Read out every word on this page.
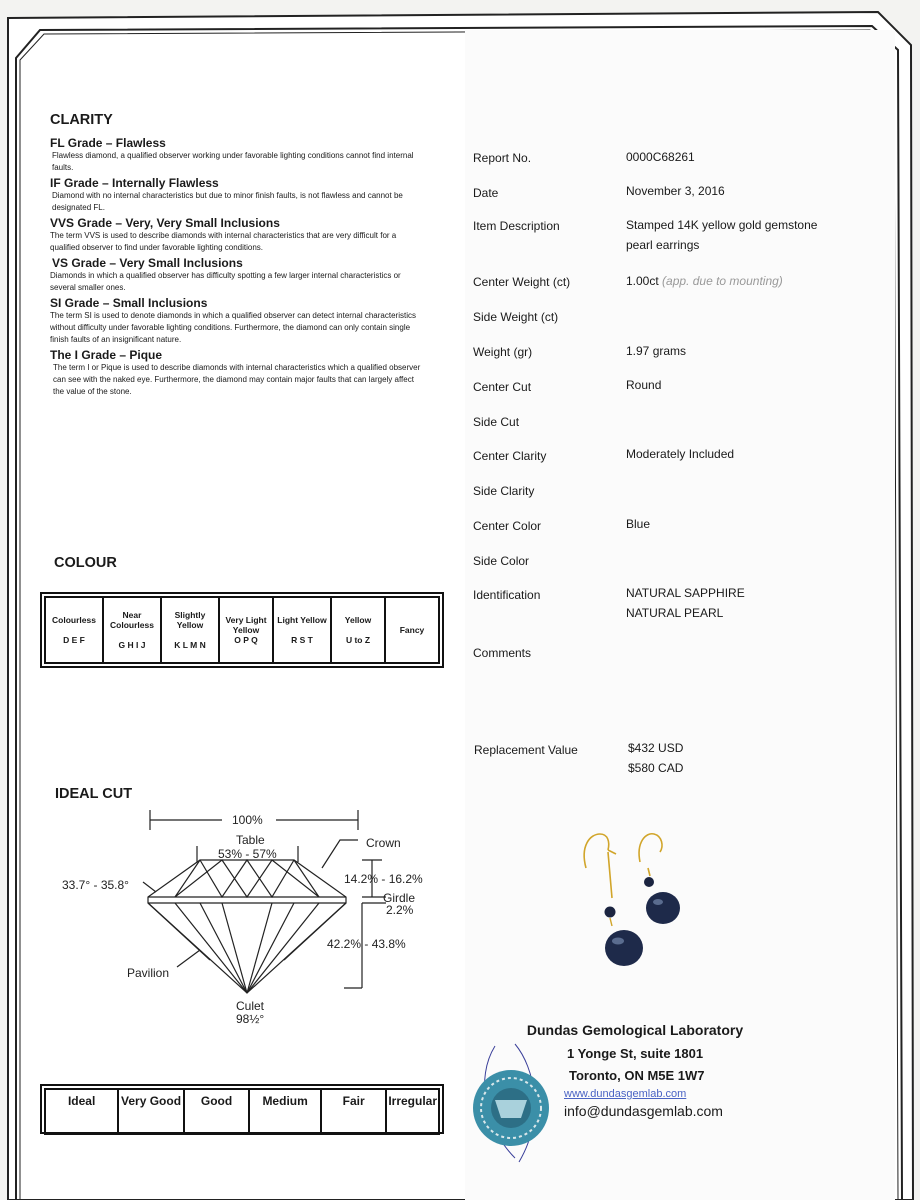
CLARITY
FL Grade – Flawless
Flawless diamond, a qualified observer working under favorable lighting conditions cannot find internal faults.
IF Grade – Internally Flawless
Diamond with no internal characteristics but due to minor finish faults, is not flawless and cannot be designated FL.
VVS Grade – Very, Very Small Inclusions
The term VVS is used to describe diamonds with internal characteristics that are very difficult for a qualified observer to find under favorable lighting conditions.
VS Grade – Very Small Inclusions
Diamonds in which a qualified observer has difficulty spotting a few larger internal characteristics or several smaller ones.
SI Grade – Small Inclusions
The term SI is used to denote diamonds in which a qualified observer can detect internal characteristics without difficulty under favorable lighting conditions. Furthermore, the diamond can only contain single finish faults of an insignificant nature.
The I Grade – Pique
The term I or Pique is used to describe diamonds with internal characteristics which a qualified observer can see with the naked eye. Furthermore, the diamond may contain major faults that can largely affect the value of the stone.
COLOUR
Colourless
D E F

Near Colourless
G H I J

Slightly Yellow
K L M N

Very Light Yellow
O P Q

Light Yellow
R S T

Yellow
U to Z

Fancy
IDEAL CUT
100%
Table
53% - 57%
Crown
33.7° - 35.8°	14.2% - 16.2%
Girdle
2.2%
42.2% - 43.8%
Pavilion
Culet
98½°
Ideal	Very Good	Good	Medium	Fair	Irregular
Report No.	0000C68261
Date	November 3, 2016
Item Description	Stamped 14K yellow gold gemstone pearl earrings
Center Weight (ct)	1.00ct (app. due to mounting)
Side Weight (ct)
Weight (gr)	1.97 grams
Center Cut	Round
Side Cut
Center Clarity	Moderately Included
Side Clarity
Center Color	Blue
Side Color
Identification	NATURAL SAPPHIRE
NATURAL PEARL
Comments
Replacement Value	$432 USD
$580 CAD
Dundas Gemological Laboratory
1 Yonge St, suite 1801
Toronto, ON M5E 1W7
www.dundasgemlab.com
info@dundasgemlab.com
